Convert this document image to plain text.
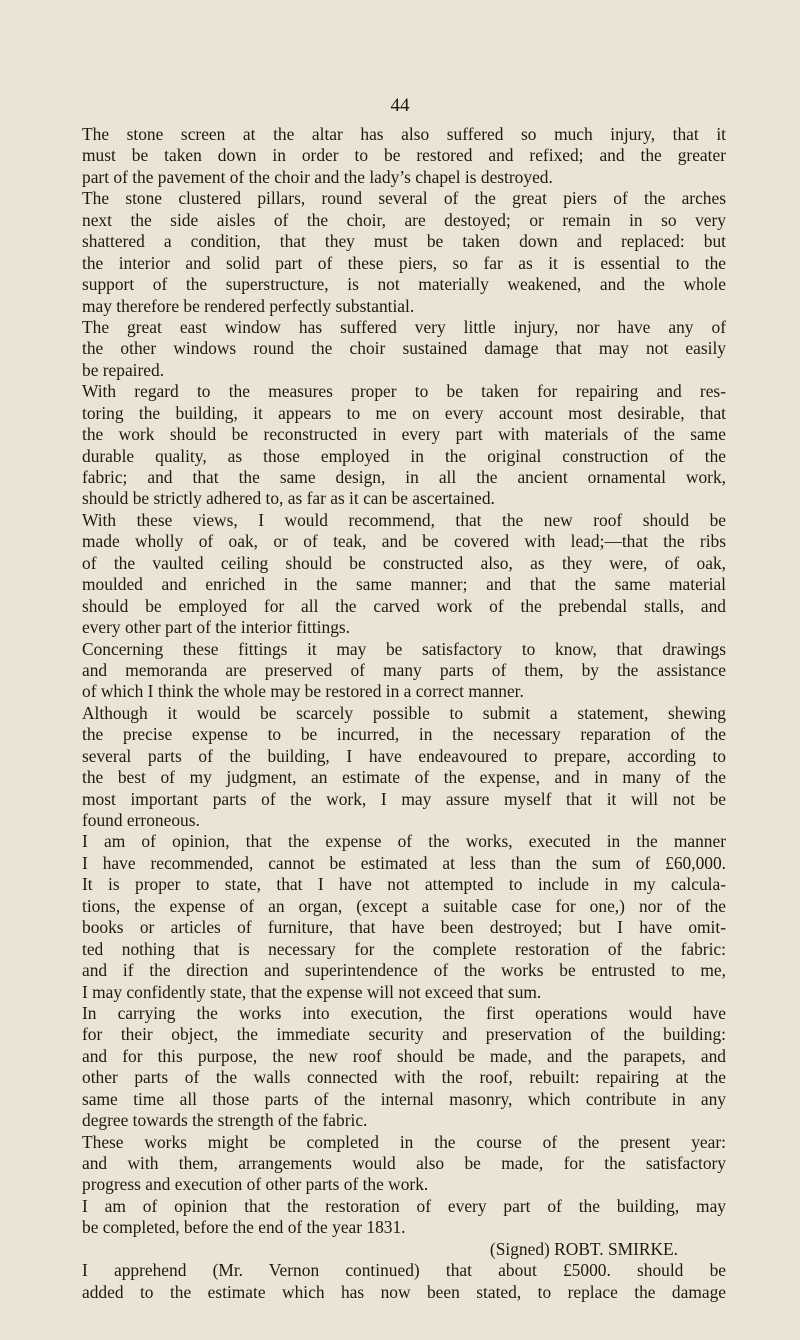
44
The stone screen at the altar has also suffered so much injury, that it
must be taken down in order to be restored and refixed; and the greater
part of the pavement of the choir and the lady’s chapel is destroyed.
The stone clustered pillars, round several of the great piers of the arches
next the side aisles of the choir, are destoyed; or remain in so very
shattered a condition, that they must be taken down and replaced: but
the interior and solid part of these piers, so far as it is essential to the
support of the superstructure, is not materially weakened, and the whole
may therefore be rendered perfectly substantial.
The great east window has suffered very little injury, nor have any of
the other windows round the choir sustained damage that may not easily
be repaired.
With regard to the measures proper to be taken for repairing and res-
toring the building, it appears to me on every account most desirable, that
the work should be reconstructed in every part with materials of the same
durable quality, as those employed in the original construction of the
fabric; and that the same design, in all the ancient ornamental work,
should be strictly adhered to, as far as it can be ascertained.
With these views, I would recommend, that the new roof should be
made wholly of oak, or of teak, and be covered with lead;—that the ribs
of the vaulted ceiling should be constructed also, as they were, of oak,
moulded and enriched in the same manner; and that the same material
should be employed for all the carved work of the prebendal stalls, and
every other part of the interior fittings.
Concerning these fittings it may be satisfactory to know, that drawings
and memoranda are preserved of many parts of them, by the assistance
of which I think the whole may be restored in a correct manner.
Although it would be scarcely possible to submit a statement, shewing
the precise expense to be incurred, in the necessary reparation of the
several parts of the building, I have endeavoured to prepare, according to
the best of my judgment, an estimate of the expense, and in many of the
most important parts of the work, I may assure myself that it will not be
found erroneous.
I am of opinion, that the expense of the works, executed in the manner
I have recommended, cannot be estimated at less than the sum of £60,000.
It is proper to state, that I have not attempted to include in my calcula-
tions, the expense of an organ, (except a suitable case for one,) nor of the
books or articles of furniture, that have been destroyed; but I have omit-
ted nothing that is necessary for the complete restoration of the fabric:
and if the direction and superintendence of the works be entrusted to me,
I may confidently state, that the expense will not exceed that sum.
In carrying the works into execution, the first operations would have
for their object, the immediate security and preservation of the building:
and for this purpose, the new roof should be made, and the parapets, and
other parts of the walls connected with the roof, rebuilt: repairing at the
same time all those parts of the internal masonry, which contribute in any
degree towards the strength of the fabric.
These works might be completed in the course of the present year:
and with them, arrangements would also be made, for the satisfactory
progress and execution of other parts of the work.
I am of opinion that the restoration of every part of the building, may
be completed, before the end of the year 1831.
(Signed) ROBT. SMIRKE.
I apprehend (Mr. Vernon continued) that about £5000. should be
added to the estimate which has now been stated, to replace the damage
